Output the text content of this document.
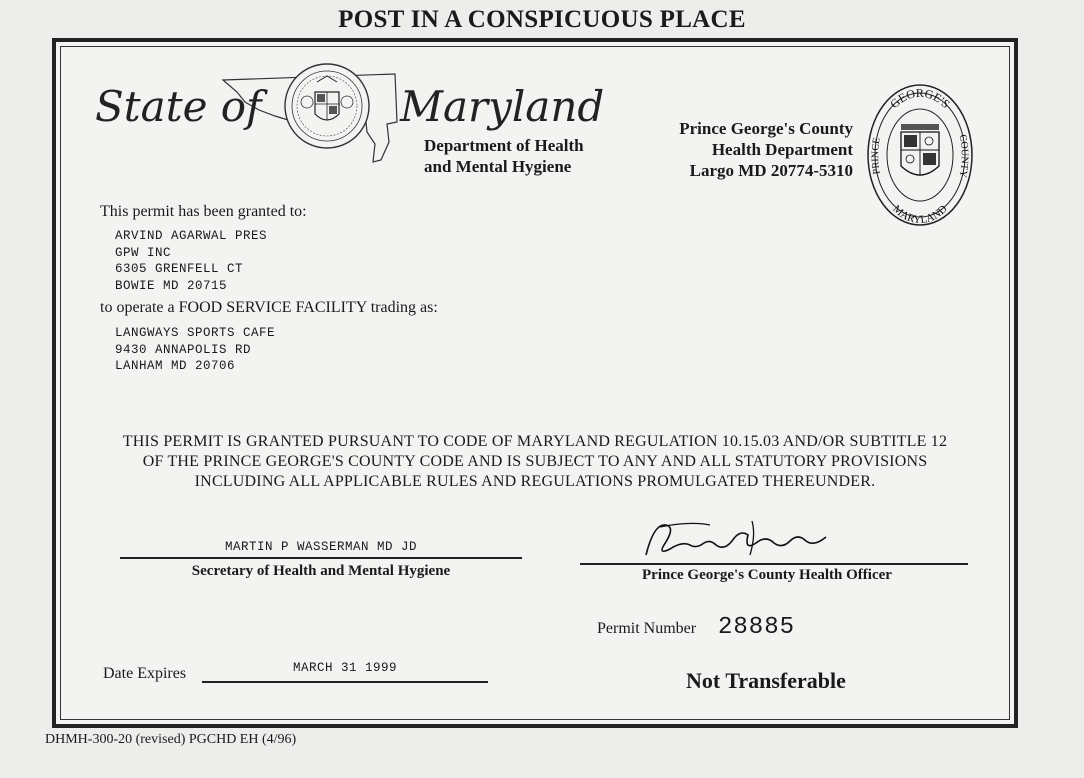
POST IN A CONSPICUOUS PLACE
State of	Maryland
Department of Health
and Mental Hygiene
Prince George's County
Health Department
Largo MD 20774-5310
GEORGE'S
MARYLAND
PRINCE	COUNTY
This permit has been granted to:
ARVIND AGARWAL PRES
GPW INC
6305 GRENFELL CT
BOWIE MD 20715
to operate a FOOD SERVICE FACILITY trading as:
LANGWAYS SPORTS CAFE
9430 ANNAPOLIS RD
LANHAM MD 20706
THIS PERMIT IS GRANTED PURSUANT TO CODE OF MARYLAND REGULATION 10.15.03 AND/OR SUBTITLE 12
OF THE PRINCE GEORGE'S COUNTY CODE AND IS SUBJECT TO ANY AND ALL STATUTORY PROVISIONS
INCLUDING ALL APPLICABLE RULES AND REGULATIONS PROMULGATED THEREUNDER.
MARTIN P WASSERMAN MD JD
Secretary of Health and Mental Hygiene	Prince George's County Health Officer
Permit Number 28885
Date Expires	MARCH 31 1999	Not Transferable
DHMH-300-20 (revised) PGCHD EH (4/96)
